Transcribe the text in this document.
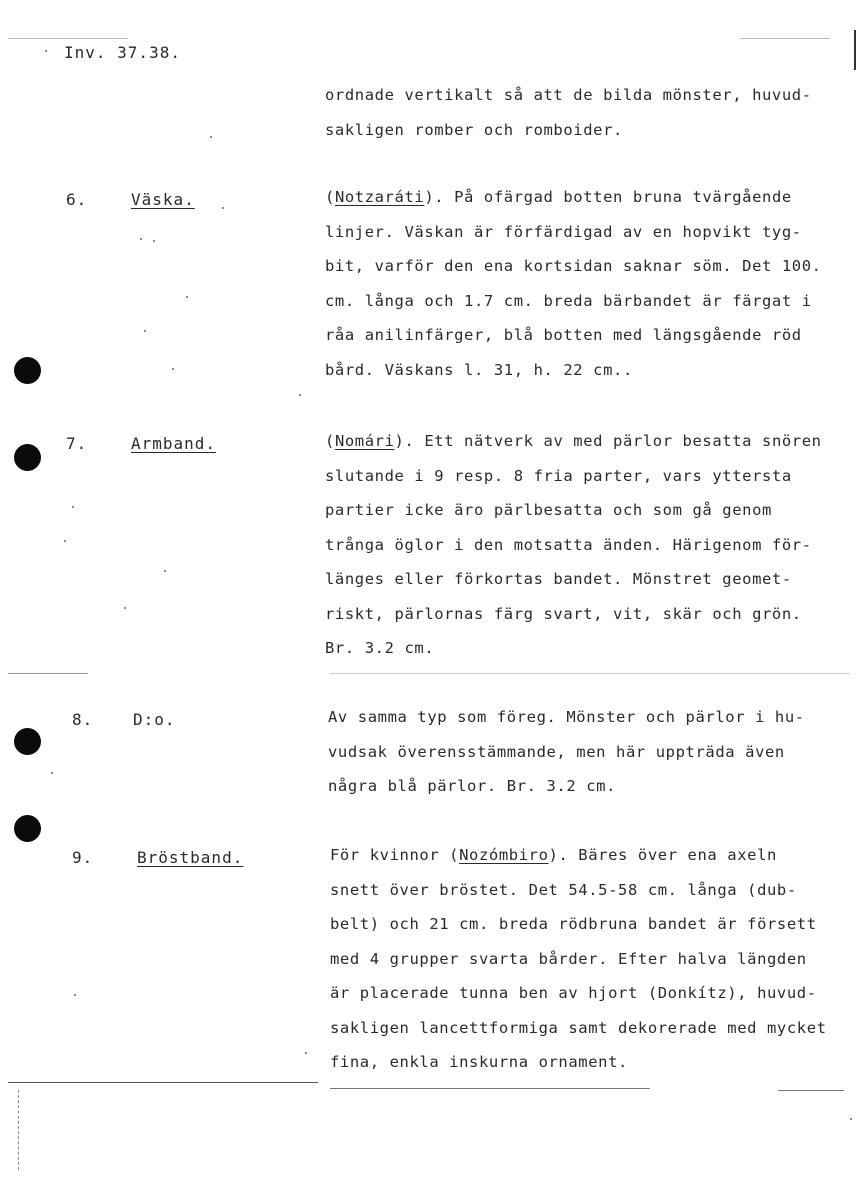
Inv. 37.38.
ordnade vertikalt så att de bilda mönster, huvud-
sakligen romber och romboider.
6.	Väska.	(Notzaráti). På ofärgad botten bruna tvärgående
linjer. Väskan är förfärdigad av en hopvikt tyg-
bit, varför den ena kortsidan saknar söm. Det 100.
cm. långa och 1.7 cm. breda bärbandet är färgat i
råa anilinfärger, blå botten med längsgående röd
bård. Väskans l. 31, h. 22 cm..
7.	Armband.	(Nomári). Ett nätverk av med pärlor besatta snören
slutande i 9 resp. 8 fria parter, vars yttersta
partier icke äro pärlbesatta och som gå genom
trånga öglor i den motsatta änden. Härigenom för-
länges eller förkortas bandet. Mönstret geomet-
riskt, pärlornas färg svart, vit, skär och grön.
Br. 3.2 cm.
8. D:o.	Av samma typ som föreg. Mönster och pärlor i hu-
vudsak överensstämmande, men här uppträda även
några blå pärlor. Br. 3.2 cm.
9.	Bröstband.	För kvinnor (Nozómbiro). Bäres över ena axeln
snett över bröstet. Det 54.5-58 cm. långa (dub-
belt) och 21 cm. breda rödbruna bandet är försett
med 4 grupper svarta bårder. Efter halva längden
är placerade tunna ben av hjort (Donkítz), huvud-
sakligen lancettformiga samt dekorerade med mycket
fina, enkla inskurna ornament.
